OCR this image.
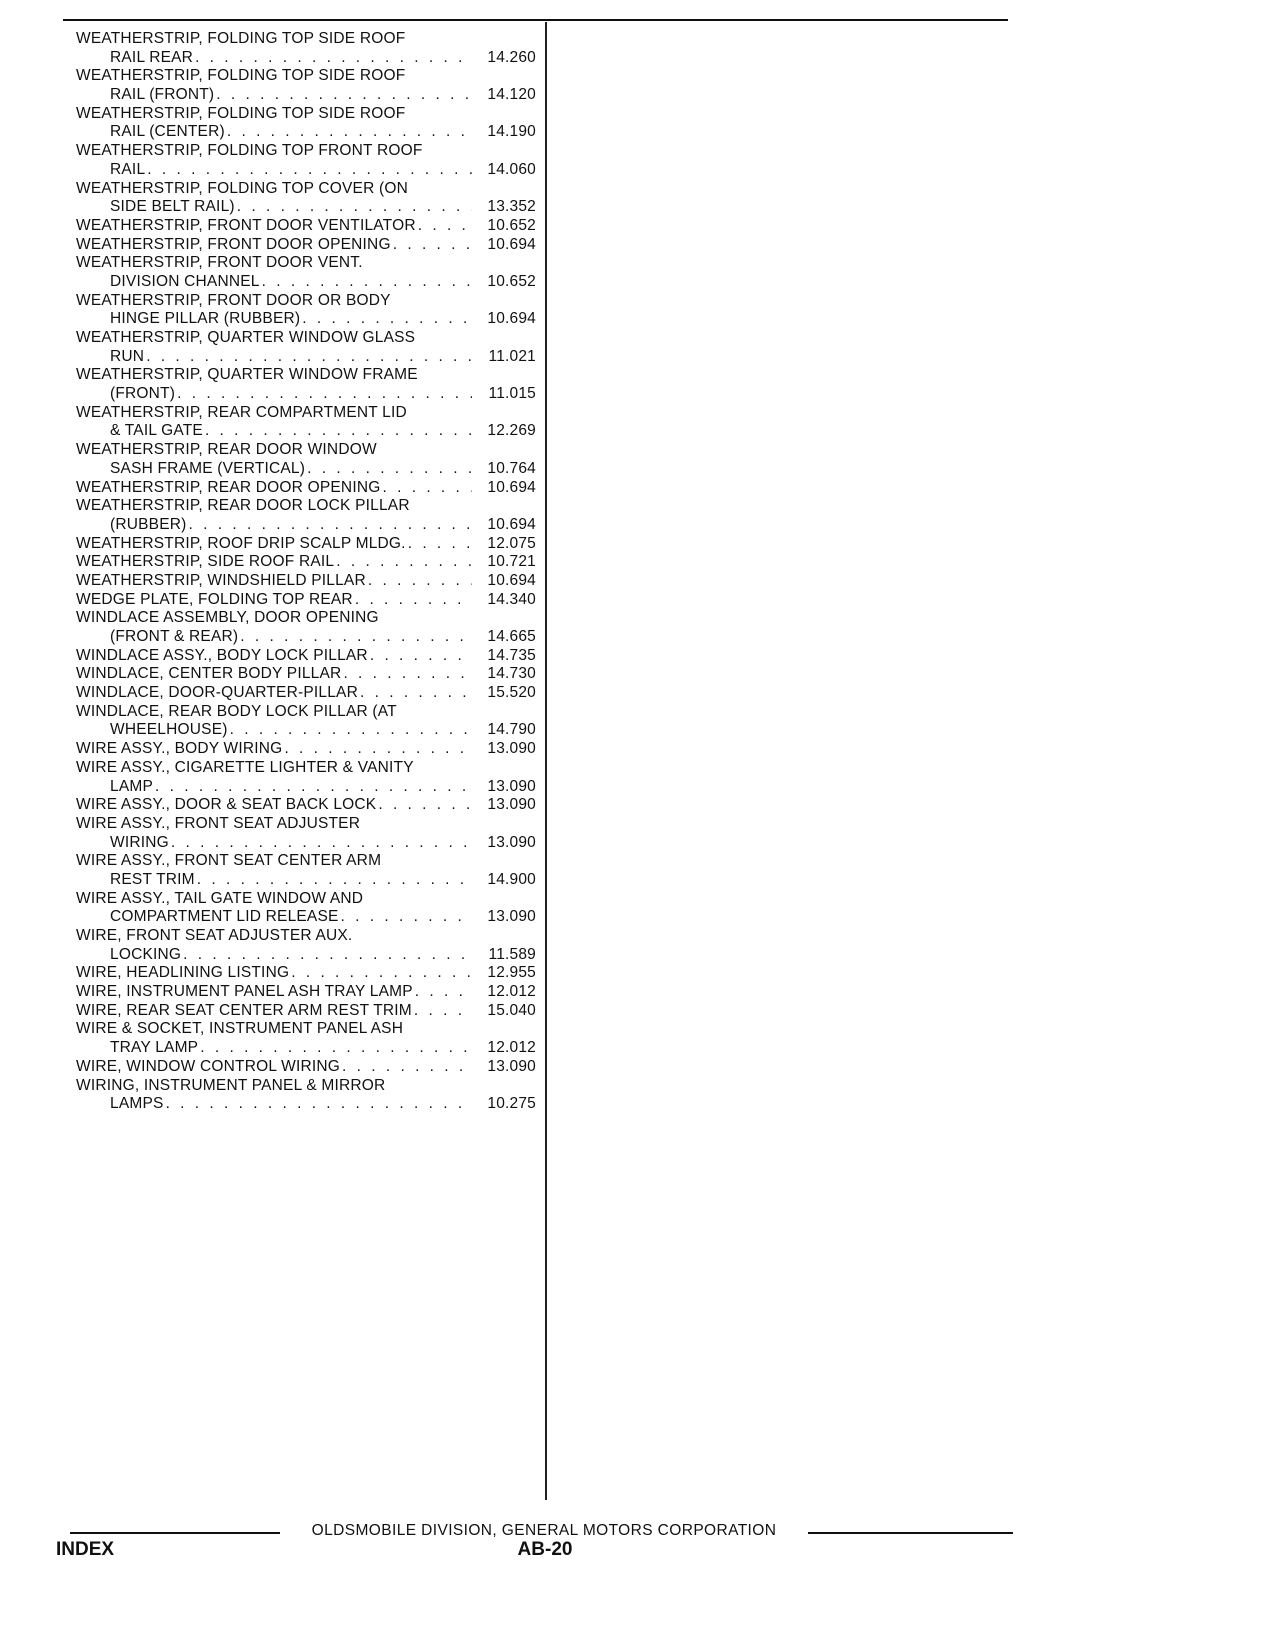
WEATHERSTRIP, FOLDING TOP SIDE ROOF
RAIL REAR . . .	14.260
WEATHERSTRIP, FOLDING TOP SIDE ROOF
RAIL (FRONT) . . .	14.120
WEATHERSTRIP, FOLDING TOP SIDE ROOF
RAIL (CENTER) . . .	14.190
WEATHERSTRIP, FOLDING TOP FRONT ROOF
RAIL . . .	14.060
WEATHERSTRIP, FOLDING TOP COVER (ON
SIDE BELT RAIL) . . .	13.352
WEATHERSTRIP, FRONT DOOR VENTILATOR . . .	10.652
WEATHERSTRIP, FRONT DOOR OPENING . . .	10.694
WEATHERSTRIP, FRONT DOOR VENT.
DIVISION CHANNEL . . .	10.652
WEATHERSTRIP, FRONT DOOR OR BODY
HINGE PILLAR (RUBBER) . . .	10.694
WEATHERSTRIP, QUARTER WINDOW GLASS
RUN . . .	11.021
WEATHERSTRIP, QUARTER WINDOW FRAME
(FRONT) . . .	11.015
WEATHERSTRIP, REAR COMPARTMENT LID
& TAIL GATE . . .	12.269
WEATHERSTRIP, REAR DOOR WINDOW
SASH FRAME (VERTICAL) . . .	10.764
WEATHERSTRIP, REAR DOOR OPENING . . .	10.694
WEATHERSTRIP, REAR DOOR LOCK PILLAR
(RUBBER) . . .	10.694
WEATHERSTRIP, ROOF DRIP SCALP MLDG. . . .	12.075
WEATHERSTRIP, SIDE ROOF RAIL . . .	10.721
WEATHERSTRIP, WINDSHIELD PILLAR . . .	10.694
WEDGE PLATE, FOLDING TOP REAR . . .	14.340
WINDLACE ASSEMBLY, DOOR OPENING
(FRONT & REAR) . . .	14.665
WINDLACE ASSY., BODY LOCK PILLAR . . .	14.735
WINDLACE, CENTER BODY PILLAR . . .	14.730
WINDLACE, DOOR-QUARTER-PILLAR . . .	15.520
WINDLACE, REAR BODY LOCK PILLAR (AT
WHEELHOUSE) . . .	14.790
WIRE ASSY., BODY WIRING . . .	13.090
WIRE ASSY., CIGARETTE LIGHTER & VANITY
LAMP . . .	13.090
WIRE ASSY., DOOR & SEAT BACK LOCK . . .	13.090
WIRE ASSY., FRONT SEAT ADJUSTER
WIRING . . .	13.090
WIRE ASSY., FRONT SEAT CENTER ARM
REST TRIM . . .	14.900
WIRE ASSY., TAIL GATE WINDOW AND
COMPARTMENT LID RELEASE . . .	13.090
WIRE, FRONT SEAT ADJUSTER AUX.
LOCKING . . .	11.589
WIRE, HEADLINING LISTING . . .	12.955
WIRE, INSTRUMENT PANEL ASH TRAY LAMP . . .	12.012
WIRE, REAR SEAT CENTER ARM REST TRIM . . .	15.040
WIRE & SOCKET, INSTRUMENT PANEL ASH
TRAY LAMP . . .	12.012
WIRE, WINDOW CONTROL WIRING . . .	13.090
WIRING, INSTRUMENT PANEL & MIRROR
LAMPS . . .	10.275
OLDSMOBILE DIVISION, GENERAL MOTORS CORPORATION
INDEX	AB-20
